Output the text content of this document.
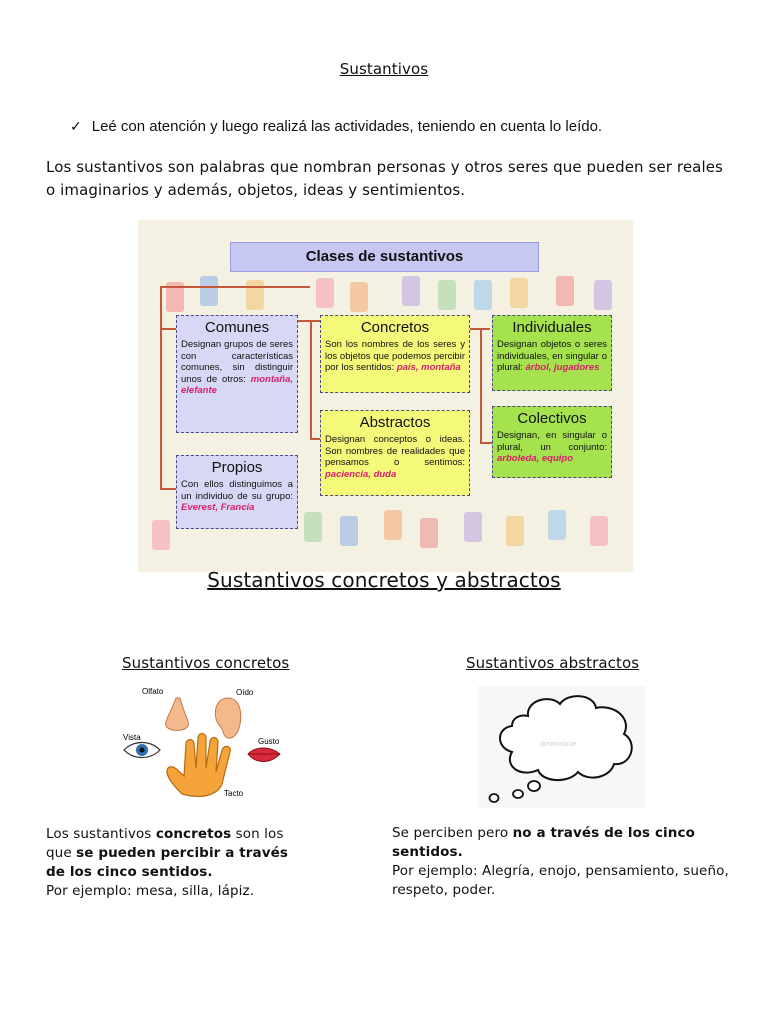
Sustantivos
✓ Leé con atención y luego realizá las actividades, teniendo en cuenta lo leído.
Los sustantivos son palabras que nombran personas y otros seres que pueden ser reales o imaginarios y además, objetos, ideas y sentimientos.
Clases de sustantivos
Comunes
Designan grupos de seres con características comunes, sin distinguir unos de otros: montaña, elefante
Propios
Con ellos distinguimos a un individuo de su grupo: Everest, Francia
Concretos
Son los nombres de los seres y los objetos que podemos percibir por los sentidos: país, montaña
Abstractos
Designan conceptos o ideas. Son nombres de realidades que pensamos o sentimos: paciencia, duda
Individuales
Designan objetos o seres individuales, en singular o plural: árbol, jugadores
Colectivos
Designan, en singular o plural, un conjunto: arboleda, equipo
Sustantivos concretos y abstractos
Sustantivos concretos	Sustantivos abstractos
Olfato	Oído
Vista	Gusto
Tacto
dreamstime
Los sustantivos concretos son los
que se pueden percibir a través
de los cinco sentidos.
Por ejemplo: mesa, silla, lápiz.
Se perciben pero no a través de los cinco sentidos.
Por ejemplo: Alegría, enojo, pensamiento, sueño, respeto, poder.
